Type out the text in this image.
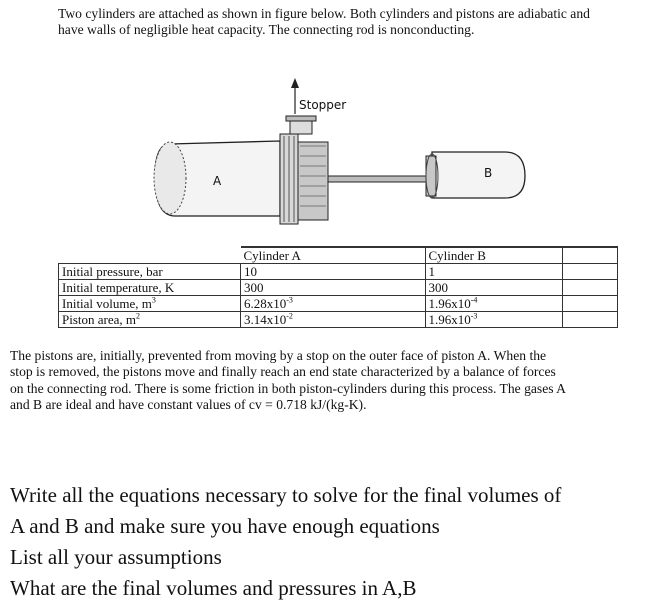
Two cylinders are attached as shown in figure below. Both cylinders and pistons are adiabatic and have walls of negligible heat capacity. The connecting rod is nonconducting.
Stopper
A
B
	Cylinder A	Cylinder B	
Initial pressure, bar	10	1	
Initial temperature, K	300	300	
Initial volume, $m^3$	$6.28x10^{-3}$	$1.96x10^{-4}$	
Piston area, $m^2$	$3.14x10^{-2}$	$1.96x10^{-3}$	
The pistons are, initially, prevented from moving by a stop on the outer face of piston A. When the stop is removed, the pistons move and finally reach an end state characterized by a balance of forces on the connecting rod. There is some friction in both piston-cylinders during this process. The gases A and B are ideal and have constant values of cv = 0.718 kJ/(kg-K).
Write all the equations necessary to solve for the final volumes of
A and B and make sure you have enough equations
List all your assumptions
What are the final volumes and pressures in A,B
